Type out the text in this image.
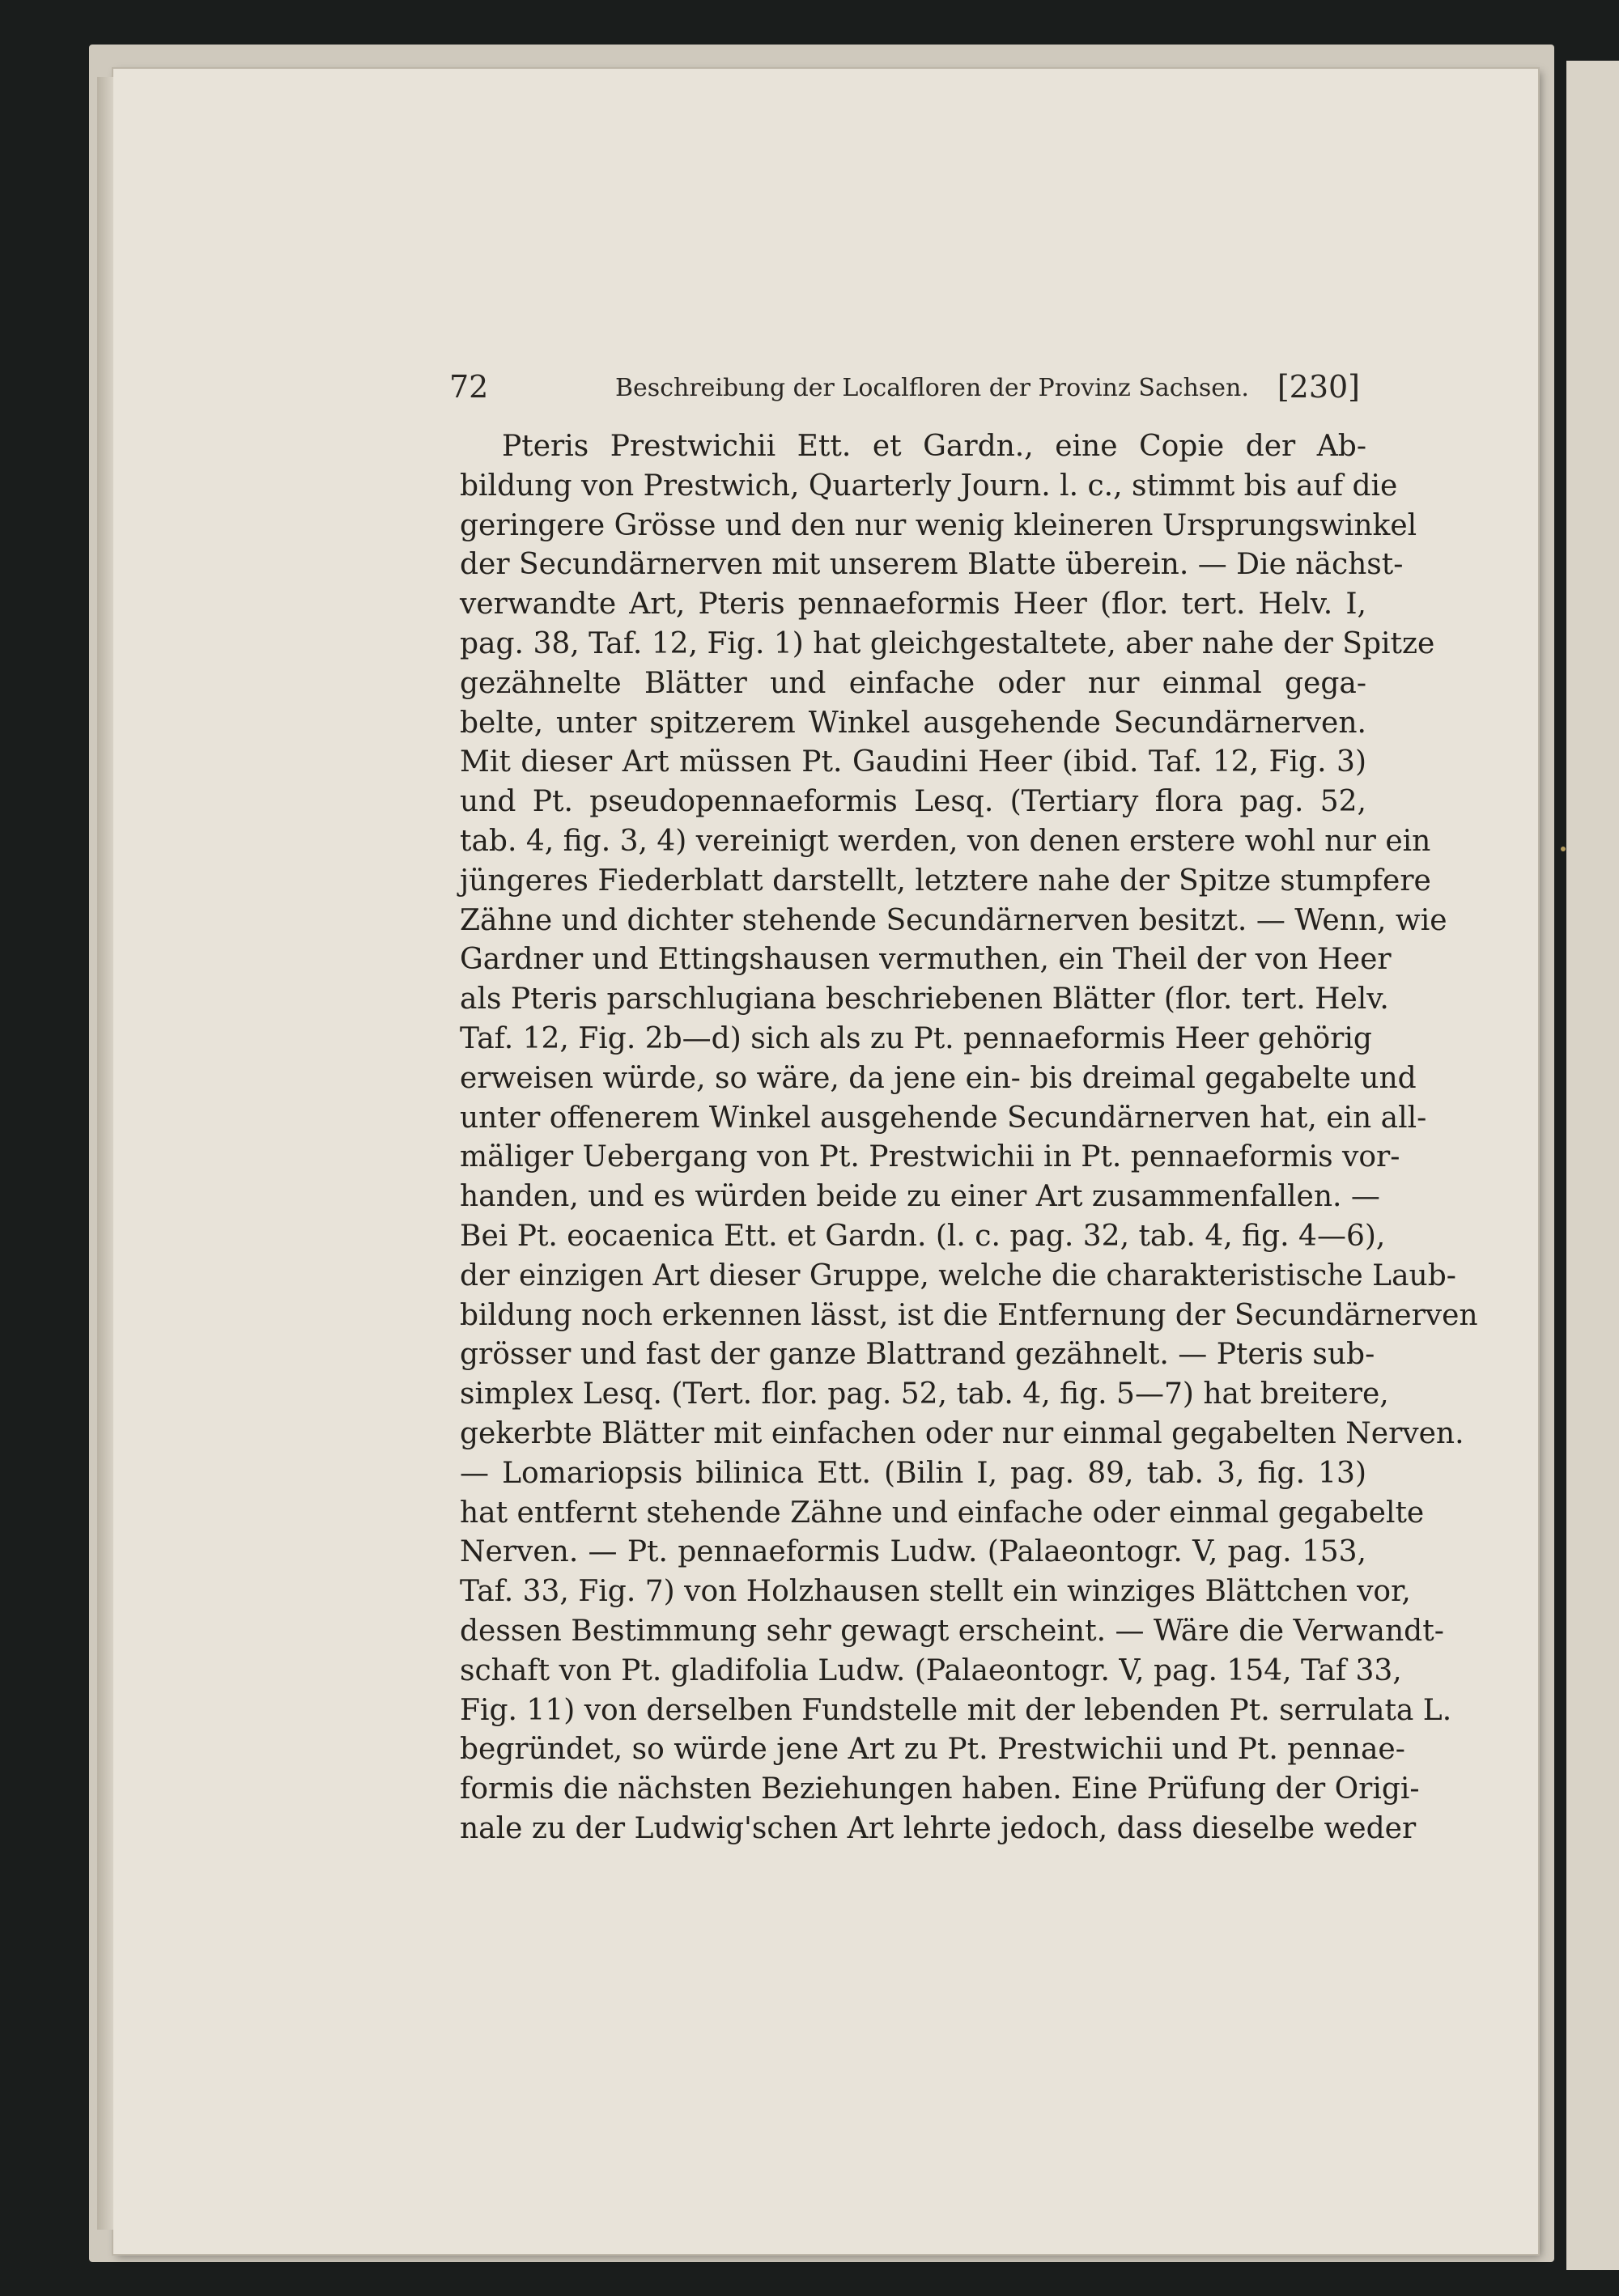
72	Beschreibung der Localfloren der Provinz Sachsen. [230]
Pteris Prestwichii Ett. et Gardn., eine Copie der Ab-
bildung von Prestwich, Quarterly Journ. l. c., stimmt bis auf die
geringere Grösse und den nur wenig kleineren Ursprungswinkel
der Secundärnerven mit unserem Blatte überein. — Die nächst-
verwandte Art, Pteris pennaeformis Heer (flor. tert. Helv. I,
pag. 38, Taf. 12, Fig. 1) hat gleichgestaltete, aber nahe der Spitze
gezähnelte Blätter und einfache oder nur einmal gega-
belte, unter spitzerem Winkel ausgehende Secundärnerven.
Mit dieser Art müssen Pt. Gaudini Heer (ibid. Taf. 12, Fig. 3)
und Pt. pseudopennaeformis Lesq. (Tertiary flora pag. 52,
tab. 4, fig. 3, 4) vereinigt werden, von denen erstere wohl nur ein
jüngeres Fiederblatt darstellt, letztere nahe der Spitze stumpfere
Zähne und dichter stehende Secundärnerven besitzt. — Wenn, wie
Gardner und Ettingshausen vermuthen, ein Theil der von Heer
als Pteris parschlugiana beschriebenen Blätter (flor. tert. Helv.
Taf. 12, Fig. 2b—d) sich als zu Pt. pennaeformis Heer gehörig
erweisen würde, so wäre, da jene ein- bis dreimal gegabelte und
unter offenerem Winkel ausgehende Secundärnerven hat, ein all-
mäliger Uebergang von Pt. Prestwichii in Pt. pennaeformis vor-
handen, und es würden beide zu einer Art zusammenfallen. —
Bei Pt. eocaenica Ett. et Gardn. (l. c. pag. 32, tab. 4, fig. 4—6),
der einzigen Art dieser Gruppe, welche die charakteristische Laub-
bildung noch erkennen lässt, ist die Entfernung der Secundärnerven
grösser und fast der ganze Blattrand gezähnelt. — Pteris sub-
simplex Lesq. (Tert. flor. pag. 52, tab. 4, fig. 5—7) hat breitere,
gekerbte Blätter mit einfachen oder nur einmal gegabelten Nerven.
— Lomariopsis bilinica Ett. (Bilin I, pag. 89, tab. 3, fig. 13)
hat entfernt stehende Zähne und einfache oder einmal gegabelte
Nerven. — Pt. pennaeformis Ludw. (Palaeontogr. V, pag. 153,
Taf. 33, Fig. 7) von Holzhausen stellt ein winziges Blättchen vor,
dessen Bestimmung sehr gewagt erscheint. — Wäre die Verwandt-
schaft von Pt. gladifolia Ludw. (Palaeontogr. V, pag. 154, Taf 33,
Fig. 11) von derselben Fundstelle mit der lebenden Pt. serrulata L.
begründet, so würde jene Art zu Pt. Prestwichii und Pt. pennae-
formis die nächsten Beziehungen haben. Eine Prüfung der Origi-
nale zu der Ludwig'schen Art lehrte jedoch, dass dieselbe weder
